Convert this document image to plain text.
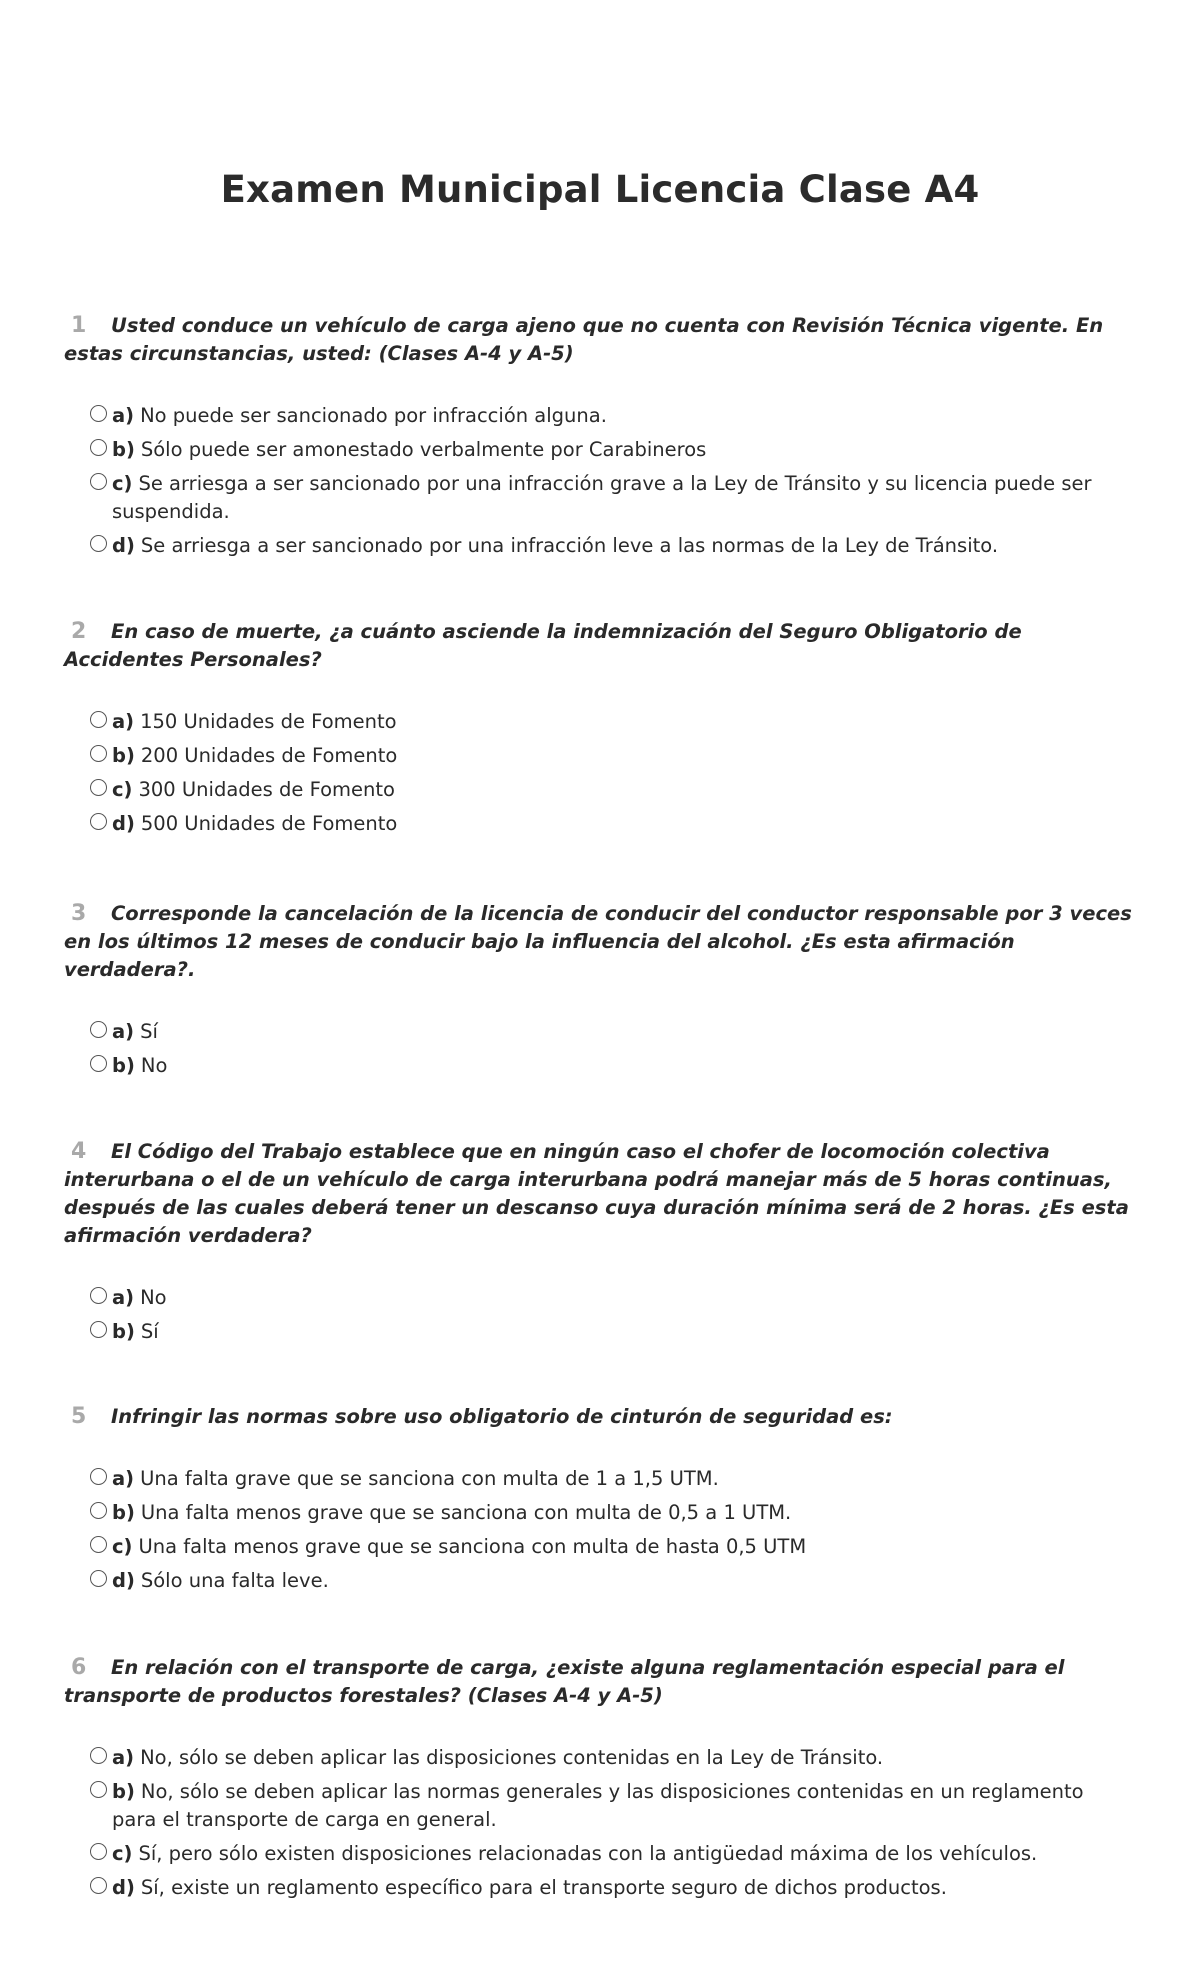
Examen Municipal Licencia Clase A4

1 Usted conduce un vehículo de carga ajeno que no cuenta con Revisión Técnica vigente. En estas circunstancias, usted: (Clases A-4 y A-5)

a) No puede ser sancionado por infracción alguna.
b) Sólo puede ser amonestado verbalmente por Carabineros
c) Se arriesga a ser sancionado por una infracción grave a la Ley de Tránsito y su licencia puede ser suspendida.
d) Se arriesga a ser sancionado por una infracción leve a las normas de la Ley de Tránsito.

2 En caso de muerte, ¿a cuánto asciende la indemnización del Seguro Obligatorio de Accidentes Personales?

a) 150 Unidades de Fomento
b) 200 Unidades de Fomento
c) 300 Unidades de Fomento
d) 500 Unidades de Fomento

3 Corresponde la cancelación de la licencia de conducir del conductor responsable por 3 veces en los últimos 12 meses de conducir bajo la influencia del alcohol. ¿Es esta afirmación verdadera?.

a) Sí
b) No

4 El Código del Trabajo establece que en ningún caso el chofer de locomoción colectiva interurbana o el de un vehículo de carga interurbana podrá manejar más de 5 horas continuas, después de las cuales deberá tener un descanso cuya duración mínima será de 2 horas. ¿Es esta afirmación verdadera?

a) No
b) Sí

5 Infringir las normas sobre uso obligatorio de cinturón de seguridad es:

a) Una falta grave que se sanciona con multa de 1 a 1,5 UTM.
b) Una falta menos grave que se sanciona con multa de 0,5 a 1 UTM.
c) Una falta menos grave que se sanciona con multa de hasta 0,5 UTM
d) Sólo una falta leve.

6 En relación con el transporte de carga, ¿existe alguna reglamentación especial para el transporte de productos forestales? (Clases A-4 y A-5)

a) No, sólo se deben aplicar las disposiciones contenidas en la Ley de Tránsito.
b) No, sólo se deben aplicar las normas generales y las disposiciones contenidas en un reglamento para el transporte de carga en general.
c) Sí, pero sólo existen disposiciones relacionadas con la antigüedad máxima de los vehículos.
d) Sí, existe un reglamento específico para el transporte seguro de dichos productos.
